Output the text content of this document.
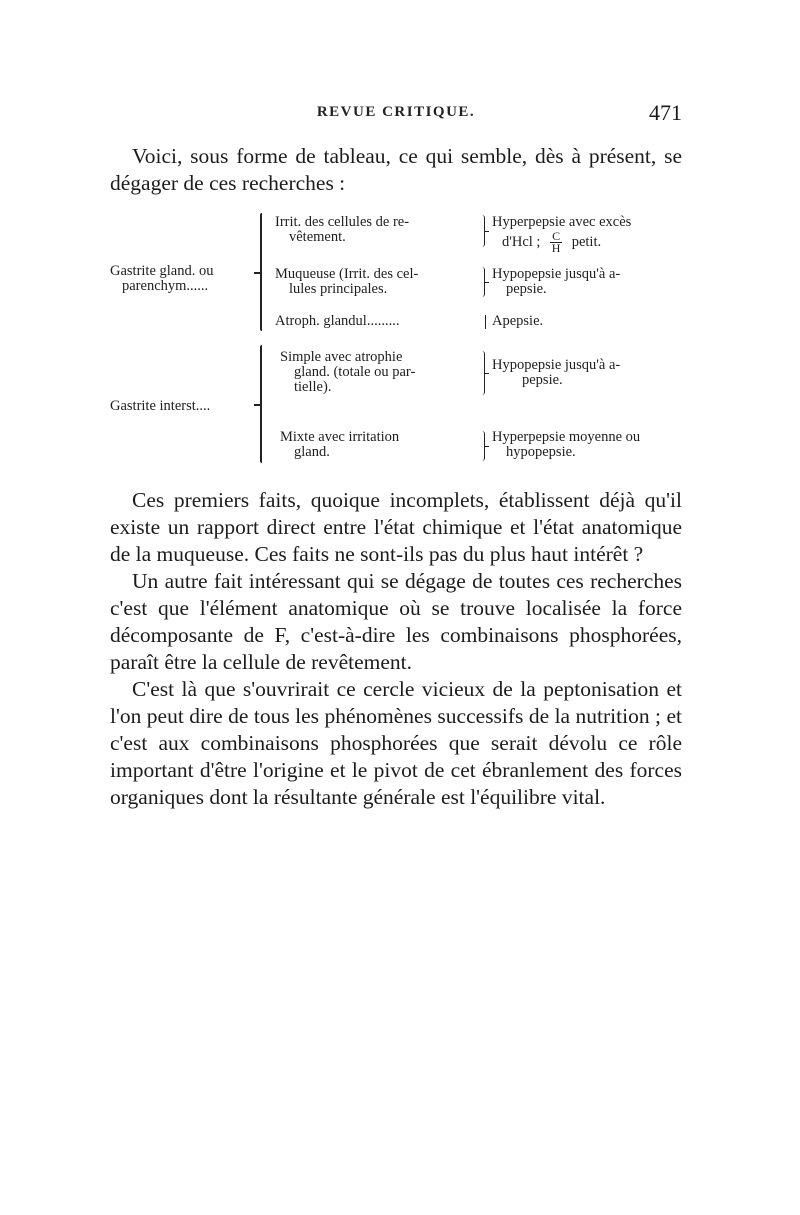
REVUE CRITIQUE.	471

Voici, sous forme de tableau, ce qui semble, dès à présent, se dégager de ces recherches :

Gastrite gland. ou
parenchym......
Irrit. des cellules de re-
vêtement.
Muqueuse (Irrit. des cel-
lules principales.
Atroph. glandul.........
Hyperpepsie avec excès
d'Hcl ; $\frac{C}{H}$ petit.
Hypopepsie jusqu'à a-
pepsie.
Apepsie.
Gastrite interst....
Simple avec atrophie
gland. (totale ou par-
tielle).
Mixte avec irritation
gland.
Hypopepsie jusqu'à a-
pepsie.
Hyperpepsie moyenne ou
hypopepsie.

Ces premiers faits, quoique incomplets, établissent déjà qu'il existe un rapport direct entre l'état chimique et l'état anatomique de la muqueuse. Ces faits ne sont-ils pas du plus haut intérêt ?

Un autre fait intéressant qui se dégage de toutes ces recherches c'est que l'élément anatomique où se trouve localisée la force décomposante de F, c'est-à-dire les combinaisons phosphorées, paraît être la cellule de revêtement.

C'est là que s'ouvrirait ce cercle vicieux de la peptonisation et l'on peut dire de tous les phénomènes successifs de la nutrition ; et c'est aux combinaisons phosphorées que serait dévolu ce rôle important d'être l'origine et le pivot de cet ébranlement des forces organiques dont la résultante générale est l'équilibre vital.
